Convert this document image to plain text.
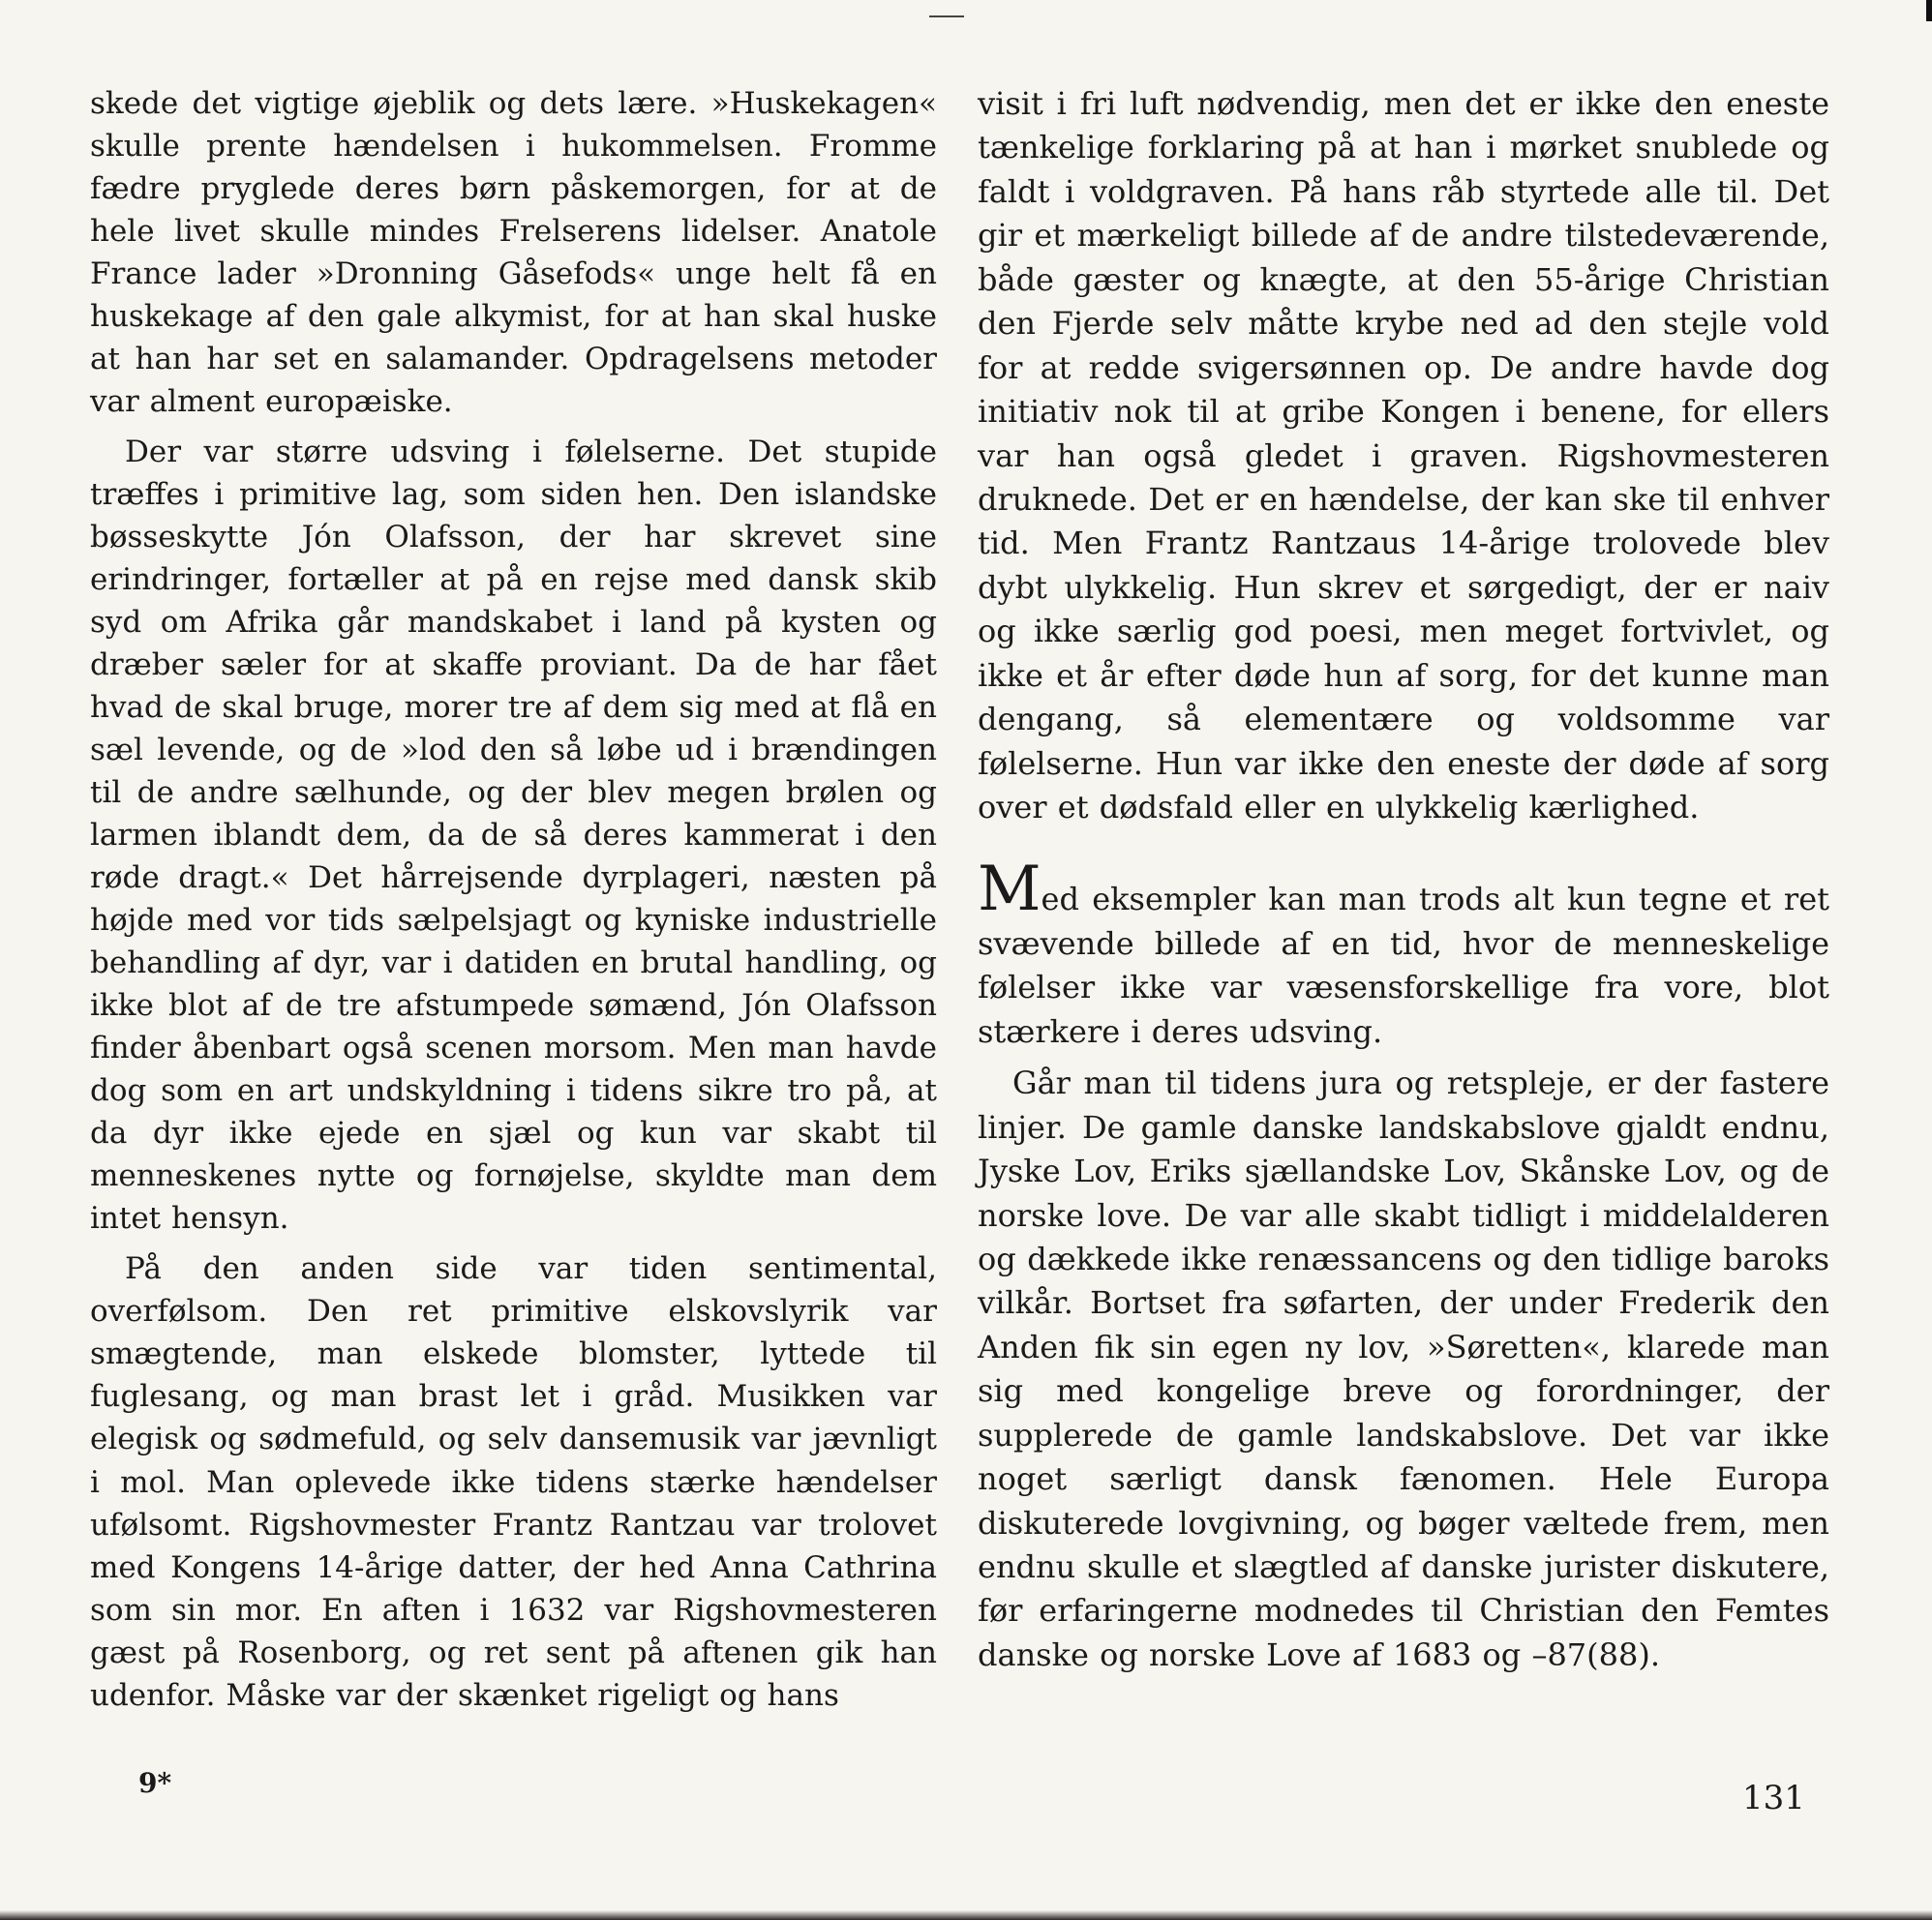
skede det vigtige øjeblik og dets lære. »Huskekagen« skulle prente hændelsen i hukommelsen. Fromme fædre pryglede deres børn påskemorgen, for at de hele livet skulle mindes Frelserens lidelser. Anatole France lader »Dronning Gåsefods« unge helt få en huskekage af den gale alkymist, for at han skal huske at han har set en salamander. Opdragelsens metoder var alment europæiske.

Der var større udsving i følelserne. Det stupide træffes i primitive lag, som siden hen. Den islandske bøsseskytte Jón Olafsson, der har skrevet sine erindringer, fortæller at på en rejse med dansk skib syd om Afrika går mandskabet i land på kysten og dræber sæler for at skaffe proviant. Da de har fået hvad de skal bruge, morer tre af dem sig med at flå en sæl levende, og de »lod den så løbe ud i brændingen til de andre sælhunde, og der blev megen brølen og larmen iblandt dem, da de så deres kammerat i den røde dragt.« Det hårrejsende dyrplageri, næsten på højde med vor tids sælpelsjagt og kyniske industrielle behandling af dyr, var i datiden en brutal handling, og ikke blot af de tre afstumpede sømænd, Jón Olafsson finder åbenbart også scenen morsom. Men man havde dog som en art undskyldning i tidens sikre tro på, at da dyr ikke ejede en sjæl og kun var skabt til menneskenes nytte og fornøjelse, skyldte man dem intet hensyn.

På den anden side var tiden sentimental, overfølsom. Den ret primitive elskovslyrik var smægtende, man elskede blomster, lyttede til fuglesang, og man brast let i gråd. Musikken var elegisk og sødmefuld, og selv dansemusik var jævnligt i mol. Man oplevede ikke tidens stærke hændelser ufølsomt. Rigshovmester Frantz Rantzau var trolovet med Kongens 14-årige datter, der hed Anna Cathrina som sin mor. En aften i 1632 var Rigshovmesteren gæst på Rosenborg, og ret sent på aftenen gik han udenfor. Måske var der skænket rigeligt og hans

visit i fri luft nødvendig, men det er ikke den eneste tænkelige forklaring på at han i mørket snublede og faldt i voldgraven. På hans råb styrtede alle til. Det gir et mærkeligt billede af de andre tilstedeværende, både gæster og knægte, at den 55-årige Christian den Fjerde selv måtte krybe ned ad den stejle vold for at redde svigersønnen op. De andre havde dog initiativ nok til at gribe Kongen i benene, for ellers var han også gledet i graven. Rigshovmesteren druknede. Det er en hændelse, der kan ske til enhver tid. Men Frantz Rantzaus 14-årige trolovede blev dybt ulykkelig. Hun skrev et sørgedigt, der er naiv og ikke særlig god poesi, men meget fortvivlet, og ikke et år efter døde hun af sorg, for det kunne man dengang, så elementære og voldsomme var følelserne. Hun var ikke den eneste der døde af sorg over et dødsfald eller en ulykkelig kærlighed.

Med eksempler kan man trods alt kun tegne et ret svævende billede af en tid, hvor de menneskelige følelser ikke var væsensforskellige fra vore, blot stærkere i deres udsving.

Går man til tidens jura og retspleje, er der fastere linjer. De gamle danske landskabslove gjaldt endnu, Jyske Lov, Eriks sjællandske Lov, Skånske Lov, og de norske love. De var alle skabt tidligt i middelalderen og dækkede ikke renæssancens og den tidlige baroks vilkår. Bortset fra søfarten, der under Frederik den Anden fik sin egen ny lov, »Søretten«, klarede man sig med kongelige breve og forordninger, der supplerede de gamle landskabslove. Det var ikke noget særligt dansk fænomen. Hele Europa diskuterede lovgivning, og bøger væltede frem, men endnu skulle et slægtled af danske jurister diskutere, før erfaringerne modnedes til Christian den Femtes danske og norske Love af 1683 og –87(88).

9*	131
